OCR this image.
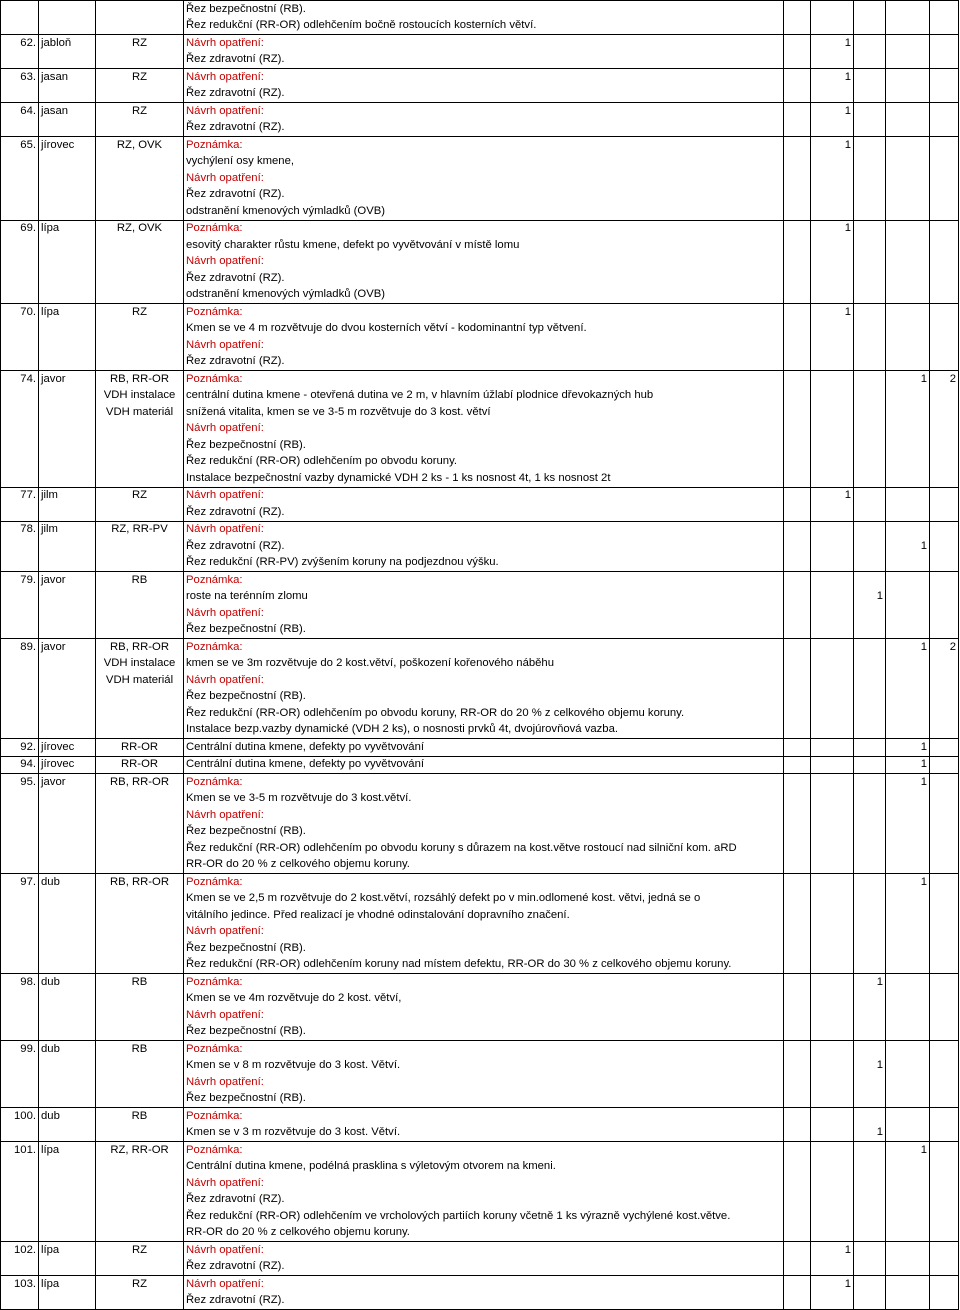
			Řez bezpečnostní (RB).					
			Řez redukční (RR-OR) odlehčením bočně rostoucích kosterních větví.					
62.	jabloň	RZ	Návrh opatření:		1			
			Řez zdravotní (RZ).					
63.	jasan	RZ	Návrh opatření:		1			
			Řez zdravotní (RZ).					
64.	jasan	RZ	Návrh opatření:		1			
			Řez zdravotní (RZ).					
65.	jírovec	RZ, OVK	Poznámka:		1			
			vychýlení osy kmene,					
			Návrh opatření:					
			Řez zdravotní (RZ).					
			odstranění kmenových výmladků (OVB)					
69.	lípa	RZ, OVK	Poznámka:		1			
			esovitý charakter růstu kmene, defekt po vyvětvování v místě lomu					
			Návrh opatření:					
			Řez zdravotní (RZ).					
			odstranění kmenových výmladků (OVB)					
70.	lípa	RZ	Poznámka:		1			
			Kmen se ve 4 m rozvětvuje do dvou kosterních větví - kodominantní typ větvení.					
			Návrh opatření:					
			Řez zdravotní (RZ).					
74.	javor	RB, RR-OR	Poznámka:				1	2
		VDH instalace	centrální dutina kmene - otevřená dutina ve 2 m, v hlavním úžlabí plodnice dřevokazných hub					
		VDH materiál	snížená vitalita, kmen se ve 3-5 m rozvětvuje do 3 kost. větví					
			Návrh opatření:					
			Řez bezpečnostní (RB).					
			Řez redukční (RR-OR) odlehčením po obvodu koruny.					
			Instalace bezpečnostní vazby dynamické VDH 2 ks - 1 ks nosnost 4t, 1 ks nosnost 2t					
77.	jilm	RZ	Návrh opatření:		1			
			Řez zdravotní (RZ).					
78.	jilm	RZ, RR-PV	Návrh opatření:					
			Řez zdravotní (RZ).				1	
			Řez redukční (RR-PV) zvýšením koruny na podjezdnou výšku.					
79.	javor	RB	Poznámka:					
			roste na terénním zlomu			1		
			Návrh opatření:					
			Řez bezpečnostní (RB).					
89.	javor	RB, RR-OR	Poznámka:				1	2
		VDH instalace	kmen se ve 3m rozvětvuje do 2 kost.větví, poškození kořenového náběhu					
		VDH materiál	Návrh opatření:					
			Řez bezpečnostní (RB).					
			Řez redukční (RR-OR) odlehčením po obvodu koruny, RR-OR do 20 % z celkového objemu koruny.					
			Instalace bezp.vazby dynamické (VDH 2 ks), o nosnosti prvků 4t, dvojúrovňová vazba.					
92.	jírovec	RR-OR	Centrální dutina kmene, defekty po vyvětvování				1	
94.	jírovec	RR-OR	Centrální dutina kmene, defekty po vyvětvování				1	
95.	javor	RB, RR-OR	Poznámka:				1	
			Kmen se ve 3-5 m rozvětvuje do 3 kost.větví.					
			Návrh opatření:					
			Řez bezpečnostní (RB).					
			Řez redukční (RR-OR) odlehčením po obvodu koruny s důrazem na kost.větve rostoucí nad silniční kom. aRD					
			RR-OR do 20 % z celkového objemu koruny.					
97.	dub	RB, RR-OR	Poznámka:				1	
			Kmen se ve 2,5 m rozvětvuje do 2 kost.větví, rozsáhlý defekt po v min.odlomené kost. větvi, jedná se o					
			vitálního jedince. Před realizací je vhodné odinstalování dopravního značení.					
			Návrh opatření:					
			Řez bezpečnostní (RB).					
			Řez redukční (RR-OR) odlehčením koruny nad místem defektu, RR-OR do 30 % z celkového objemu koruny.					
98.	dub	RB	Poznámka:			1		
			Kmen se ve 4m rozvětvuje do 2 kost. větví,					
			Návrh opatření:					
			Řez bezpečnostní (RB).					
99.	dub	RB	Poznámka:					
			Kmen se v 8 m rozvětvuje do 3 kost. Větví.			1		
			Návrh opatření:					
			Řez bezpečnostní (RB).					
100.	dub	RB	Poznámka:					
			Kmen se v 3 m rozvětvuje do 3 kost. Větví.			1		
101.	lípa	RZ, RR-OR	Poznámka:				1	
			Centrální dutina kmene, podélná prasklina s výletovým otvorem na kmeni.					
			Návrh opatření:					
			Řez zdravotní (RZ).					
			Řez redukční (RR-OR) odlehčením ve vrcholových partiích koruny včetně 1 ks výrazně vychýlené kost.větve.					
			RR-OR do 20 % z celkového objemu koruny.					
102.	lípa	RZ	Návrh opatření:		1			
			Řez zdravotní (RZ).					
103.	lípa	RZ	Návrh opatření:		1			
			Řez zdravotní (RZ).					
